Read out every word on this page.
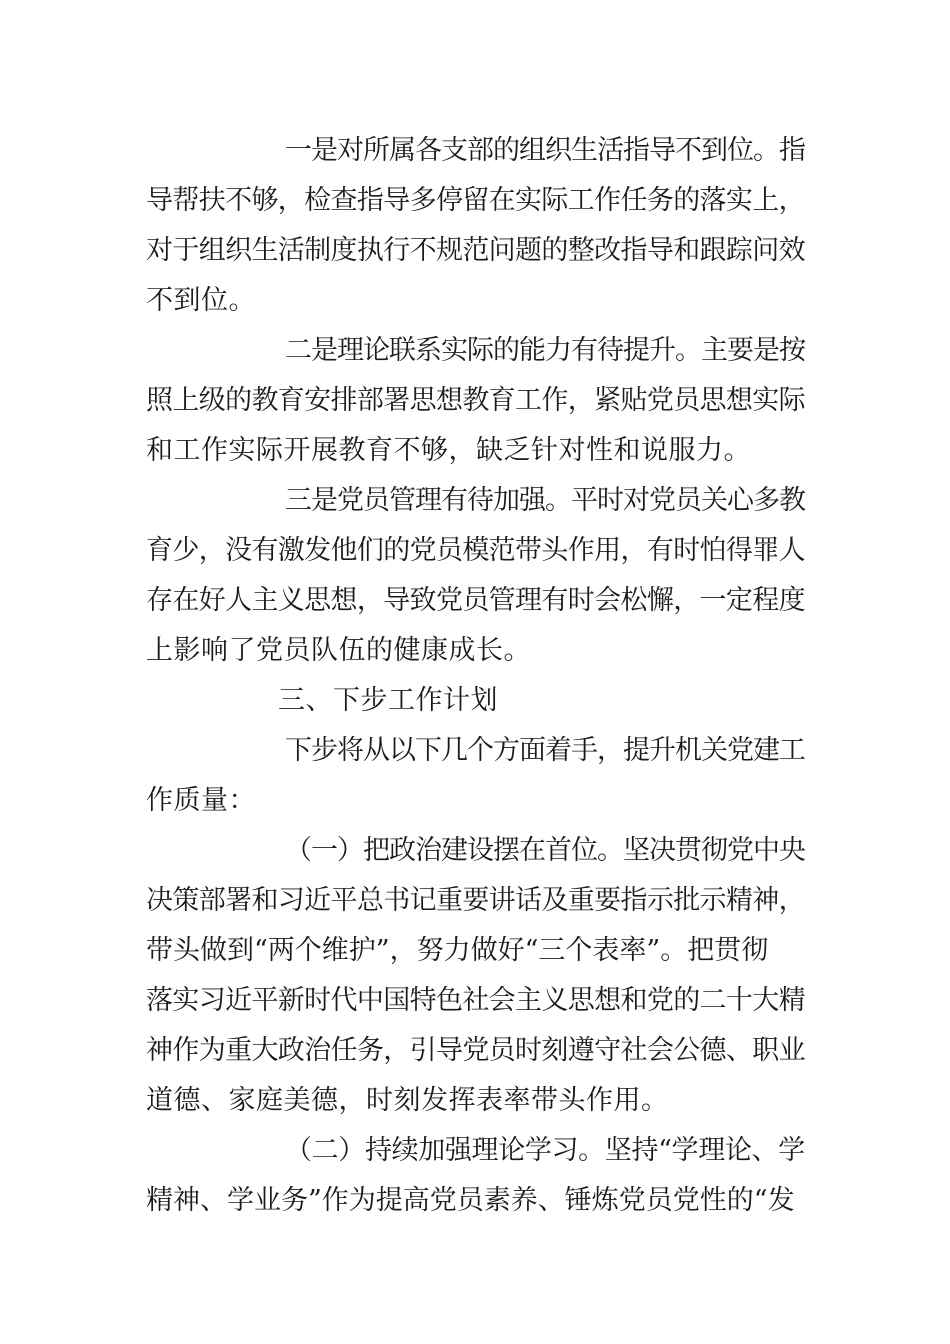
一是对所属各支部的组织生活指导不到位。指
导帮扶不够，检查指导多停留在实际工作任务的落实上，
对于组织生活制度执行不规范问题的整改指导和跟踪问效
不到位。
二是理论联系实际的能力有待提升。主要是按
照上级的教育安排部署思想教育工作，紧贴党员思想实际
和工作实际开展教育不够，缺乏针对性和说服力。
三是党员管理有待加强。平时对党员关心多教
育少，没有激发他们的党员模范带头作用，有时怕得罪人
存在好人主义思想，导致党员管理有时会松懈，一定程度
上影响了党员队伍的健康成长。
三、下步工作计划
下步将从以下几个方面着手，提升机关党建工
作质量：
（一）把政治建设摆在首位。坚决贯彻党中央
决策部署和习近平总书记重要讲话及重要指示批示精神，
带头做到“两个维护”，努力做好“三个表率”。把贯彻
落实习近平新时代中国特色社会主义思想和党的二十大精
神作为重大政治任务，引导党员时刻遵守社会公德、职业
道德、家庭美德，时刻发挥表率带头作用。
（二）持续加强理论学习。坚持“学理论、学
精神、学业务”作为提高党员素养、锤炼党员党性的“发
